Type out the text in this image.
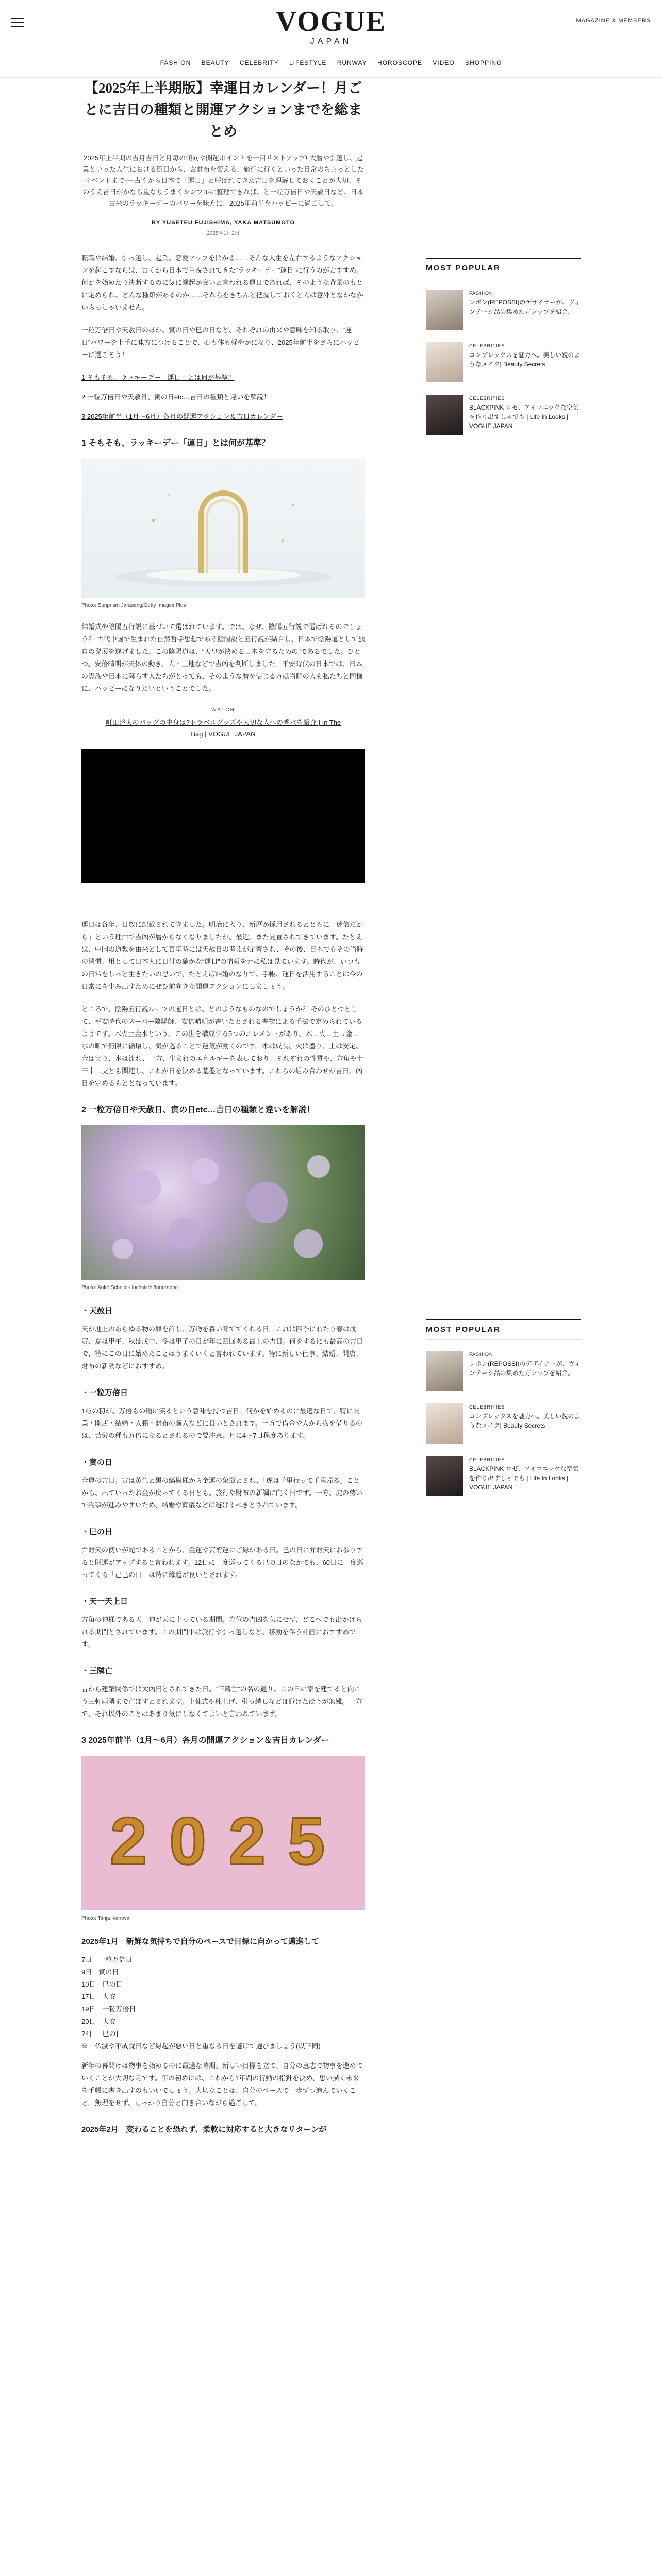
VOGUE
JAPAN
MAGAZINE & MEMBERS
FASHION BEAUTY CELEBRITY LIFESTYLE RUNWAY HOROSCOPE VIDEO SHOPPING
【2025年上半期版】幸運日カレンダー！月ごとに吉日の種類と開運アクションまでを総まとめ

2025年上半期の吉月吉日と月毎の傾向や開運ポイントを一目リストアップ! 大暦や引越し、起業といった人生における節目から、お財布を変える、旅行に行くといった日常のちょっとしたイベントまで──古くから日本で「運日」と呼ばれてきた吉日を理解しておくことが大切。そのうえ吉日がかなら重なりうまくシンプルに整理できれば、と一粒万倍日や天赦日など、日本古来のラッキーデーのパワーを味方に、2025年前半をハッピーに過ごして。

BY YUSETEU FUJISHIMA, YAKA MATSUMOTO

2025年1月2日

転職や結婚、引っ越し、起業、恋愛アップをはかる……そんな人生を左右するようなアクションを起こすならば、古くから日本で重視されてきた“ラッキーデー”運日”に行うのがおすすめ。何かを始めたり決断するのに気に縁起が良いと言われる運日であれば、そのような背景のもとに定められ、どんな種類があるのか……それらをきちんと把握しておくと人は意外となかなかいらっしゃいません。

一粒万倍日や天赦日のほか、寅の日や巳の日など、それぞれの由来や意味を知る取り、“運日”パワーを上手に味方につけることで、心も体も軽やかになり、2025年前半をさらにハッピーに過ごそう！

1 そもそも、ラッキーデー「運日」とは何が基準？
2 一粒万倍日や天赦日、寅の日etc…吉日の種類と違いを解説！
3 2025年前半（1月〜6月）各月の開運アクション＆吉日カレンダー
1 そもそも、ラッキーデー「運日」とは何が基準？
Photo: Sunprism Jarasang/Getty Images Plus

結婚式や陰陽五行説に基づいて選ばれています。では、なぜ、陰陽五行説で選ばれるのでしょう？ 古代中国で生まれた自然哲学思想である陰陽説と五行説が結合し、日本で陰陽道として独自の発展を遂げました。この陰陽道は、“天皇が決める日本を守るための”であるでした。ひとつ、安倍晴明が天体の動き、人・土地などで吉凶を判断しました。平安時代の日本では、日本の貴族や日本に暮らす人たちがとっても、そのような暦を信じる方は当時の人も私たちと同様に、ハッピーになりたいということでした。

WATCH
町田啓太のバッグの中身は?トラベルグッズや大切な人への香水を紹介 | In The Bag | VOGUE JAPAN

運日は各年、日数に記載されてきました。明治に入り、新暦が採用されるとともに「迷信だから」という理由で吉凶が暦からなくなりましたが、最近、また見直されてきています。たとえば、中国の道教を由来として百年時には天赦日の考えが定着され、その後、日本でもその当時の習慣、用として日本人に日付の確かな“運日”の情報を元に私は見ています。時代が、いつもの日常をしっと生きたいの思いで、たとえば結婚のなりで、手帳、運日を活用することは今の日常にを生み出すためにぜひ前向きな開運アクションにしましょう。

ところで、陰陽五行説ルーツの運日とは、どのようなものなのでしょうか？ そのひとつとして、平安時代のスーパー陰陽師、安倍晴明が書いたとされる書物による手法で定められているようです。木火土金水という、この世を構成する5つのエレメントがあり、木→火→土→金→水の順で無限に循環し、気が巡ることで運気が動くのです。木は成長、火は盛り、土は安定、金は実り、水は流れ、一方、生まれのエネルギーを表しており、それぞれの性質や、方角や十干十二支とも関連し、これが日を決める基盤となっています。これらの組み合わせが吉日、凶日を定めるもととなっています。

2 一粒万倍日や天赦日、寅の日etc…吉日の種類と違いを解説！
Photo: Anke Schelle-Hochstiehl/Iongraphe
・天赦日

天が地上のあらゆる物の罪を許し、万物を養い育ててくれる日。これは四季にわたり春は戊寅、夏は甲午、秋は戊申、冬は甲子の日が年に四回ある最上の吉日。何をするにも最高の吉日で、特にこの日に始めたことはうまくいくと言われています。特に新しい仕事、結婚、開店、財布の新調などにおすすめ。

・一粒万倍日

1粒の籾が、万倍もの稲に実るという意味を持つ吉日。何かを始めるのに最適な日で、特に開業・開店・結婚・入籍・財布の購入などに良いとされます。一方で借金や人から物を借りるのは、苦労の種も万倍になるとされるので要注意。月に4〜7日程度あります。

・寅の日

金運の吉日。寅は黄色と黒の縞模様から金運の象徴とされ、「虎は千里行って千里帰る」ことから、出ていったお金が戻ってくる日とも。旅行や財布の新調に向く日です。一方、虎の勢いで物事が進みやすいため、結婚や葬儀などは避けるべきとされています。

・巳の日

弁財天の使いが蛇であることから、金運や芸術運にご縁がある日。巳の日に弁財天にお参りすると財運がアップすると言われます。12日に一度巡ってくる巳の日のなかでも、60日に一度巡ってくる「己巳の日」は特に縁起が良いとされます。

・天一天上日

方角の神様である天一神が天に上っている期間。方位の吉凶を気にせず、どこへでも出かけられる期間とされています。この期間中は旅行や引っ越しなど、移動を伴う計画におすすめです。

・三隣亡

昔から建築関係では大凶日とされてきた日。“三隣亡”の名の通り、この日に家を建てると向こう三軒両隣まで亡ぼすとされます。上棟式や棟上げ、引っ越しなどは避けたほうが無難。一方で、それ以外のことはあまり気にしなくてよいと言われています。

3 2025年前半（1月〜6月）各月の開運アクション＆吉日カレンダー
2 0 2 5
Photo: Tanja Ivanova
2025年1月　新鮮な気持ちで自分のペースで目標に向かって邁進して
7日　一粒万倍日
9日　寅の日
10日　巳の日
17日　大安
19日　一粒万倍日
20日　大安
24日　巳の日
※　仏滅や不成就日など縁起が悪い日と重なる日を避けて選びましょう(以下同)

新年の幕開けは物事を始めるのに最適な時期。新しい目標を立て、自分の意志で物事を進めていくことが大切な月です。年の初めには、これから1年間の行動の指針を決め、思い描く未来を手帳に書き出すのもいいでしょう。大切なことは、自分のペースで一歩ずつ進んでいくこと。無理をせず、しっかり自分と向き合いながら過ごして。

2025年2月　変わることを恐れず、柔軟に対応すると大きなリターンが
MOST POPULAR
FASHION
レポン(REPOSSI)のデザイナーが、ヴィンテージ品の集めた方シップを紹介。
CELEBRITIES
コンプレックスを魅力へ。美しい貌のようなメイク| Beauty Secrets
CELEBRITIES
BLACKPINK ロゼ、アイコニックな空気を作り出すしゃでも | Life In Looks | VOGUE JAPAN
MOST POPULAR
FASHION
レポン(REPOSSI)のデザイナーが、ヴィンテージ品の集めた方シップを紹介。
CELEBRITIES
コンプレックスを魅力へ。美しい貌のようなメイク| Beauty Secrets
CELEBRITIES
BLACKPINK ロゼ、アイコニックな空気を作り出すしゃでも | Life In Looks | VOGUE JAPAN
